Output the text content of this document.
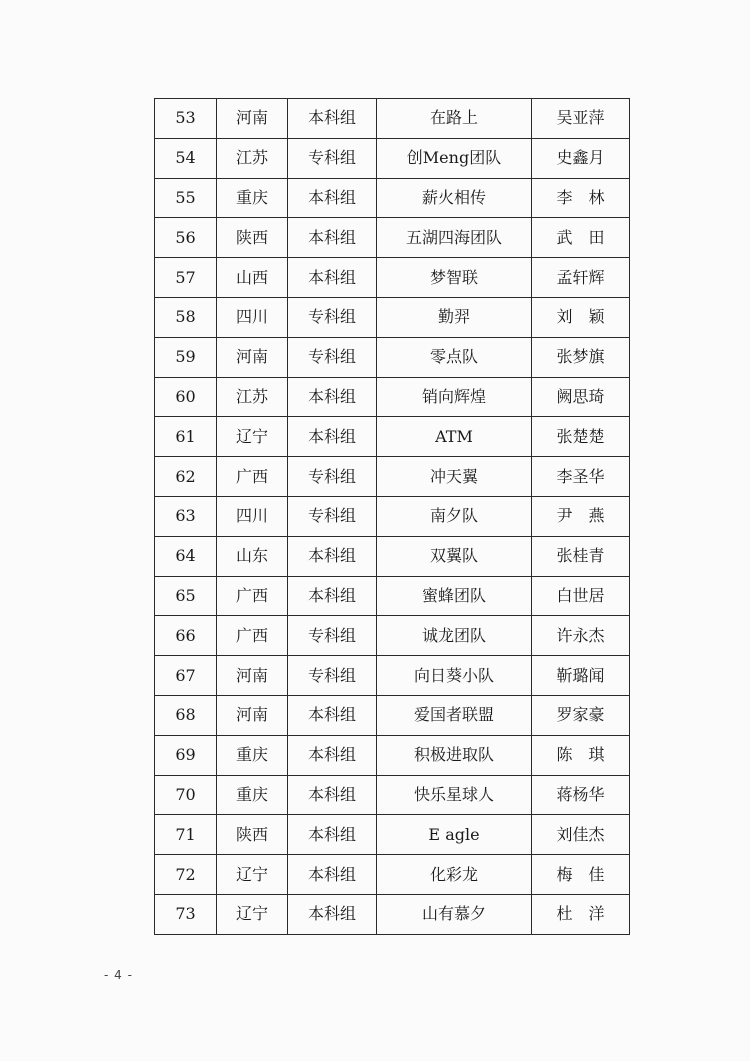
53	河南	本科组	在路上	吴亚萍
54	江苏	专科组	创Meng团队	史鑫月
55	重庆	本科组	薪火相传	李　林
56	陕西	本科组	五湖四海团队	武　田
57	山西	本科组	梦智联	孟轩辉
58	四川	专科组	勤羿	刘　颖
59	河南	专科组	零点队	张梦旗
60	江苏	本科组	销向辉煌	阙思琦
61	辽宁	本科组	ATM	张楚楚
62	广西	专科组	冲天翼	李圣华
63	四川	专科组	南夕队	尹　燕
64	山东	本科组	双翼队	张桂青
65	广西	本科组	蜜蜂团队	白世居
66	广西	专科组	诚龙团队	许永杰
67	河南	专科组	向日葵小队	靳璐闻
68	河南	本科组	爱国者联盟	罗家豪
69	重庆	本科组	积极进取队	陈　琪
70	重庆	本科组	快乐星球人	蒋杨华
71	陕西	本科组	E agle	刘佳杰
72	辽宁	本科组	化彩龙	梅　佳
73	辽宁	本科组	山有慕夕	杜　洋
- 4 -
